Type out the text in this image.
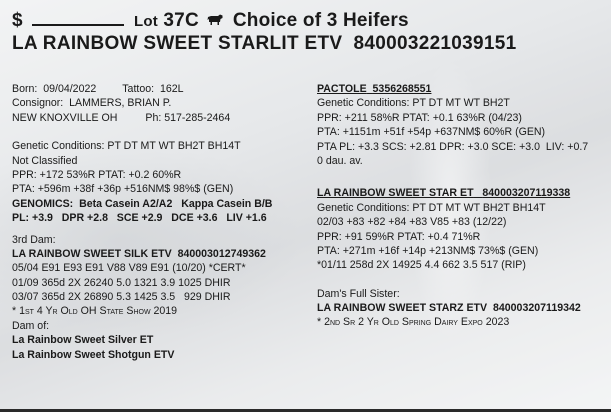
$	Lot 37C Choice of 3 Heifers
LA RAINBOW SWEET STARLIT ETV 840003221039151
Born: 09/04/2022 Tattoo: 162L
Consignor: LAMMERS, BRIAN P.
NEW KNOXVILLE OH	Ph: 517-285-2464
Genetic Conditions: PT DT MT WT BH2T BH14T
Not Classified
PPR: +172 53%R PTAT: +0.2 60%R
PTA: +596m +38f +36p +516NM$ 98%$ (GEN)
GENOMICS: Beta Casein A2/A2 Kappa Casein B/B
PL: +3.9   DPR +2.8   SCE +2.9   DCE +3.6   LIV +1.6
3rd Dam:
LA RAINBOW SWEET SILK ETV 840003012749362
05/04 E91 E93 E91 V88 V89 E91 (10/20) *CERT*
01/09 365d 2X 26240 5.0 1321 3.9 1025 DHIR
03/07 365d 2X 26890 5.3 1425 3.5   929 DHIR
* 1st 4 Yr Old OH State Show 2019
Dam of:
La Rainbow Sweet Silver ET
La Rainbow Sweet Shotgun ETV
PACTOLE 5356268551
Genetic Conditions: PT DT MT WT BH2T
PPR: +211 58%R PTAT: +0.1 63%R (04/23)
PTA: +1151m +51f +54p +637NM$ 60%R (GEN)
PTA PL: +3.3 SCS: +2.81 DPR: +3.0 SCE: +3.0  LIV: +0.7
0 dau. av.
LA RAINBOW SWEET STAR ET 840003207119338
Genetic Conditions: PT DT MT WT BH2T BH14T
02/03 +83 +82 +84 +83 V85 +83 (12/22)
PPR: +91 59%R PTAT: +0.4 71%R
PTA: +271m +16f +14p +213NM$ 73%$ (GEN)
*01/11 258d 2X 14925 4.4 662 3.5 517 (RIP)
Dam's Full Sister:
LA RAINBOW SWEET STARZ ETV 840003207119342
* 2nd Sr 2 Yr Old Spring Dairy Expo 2023
